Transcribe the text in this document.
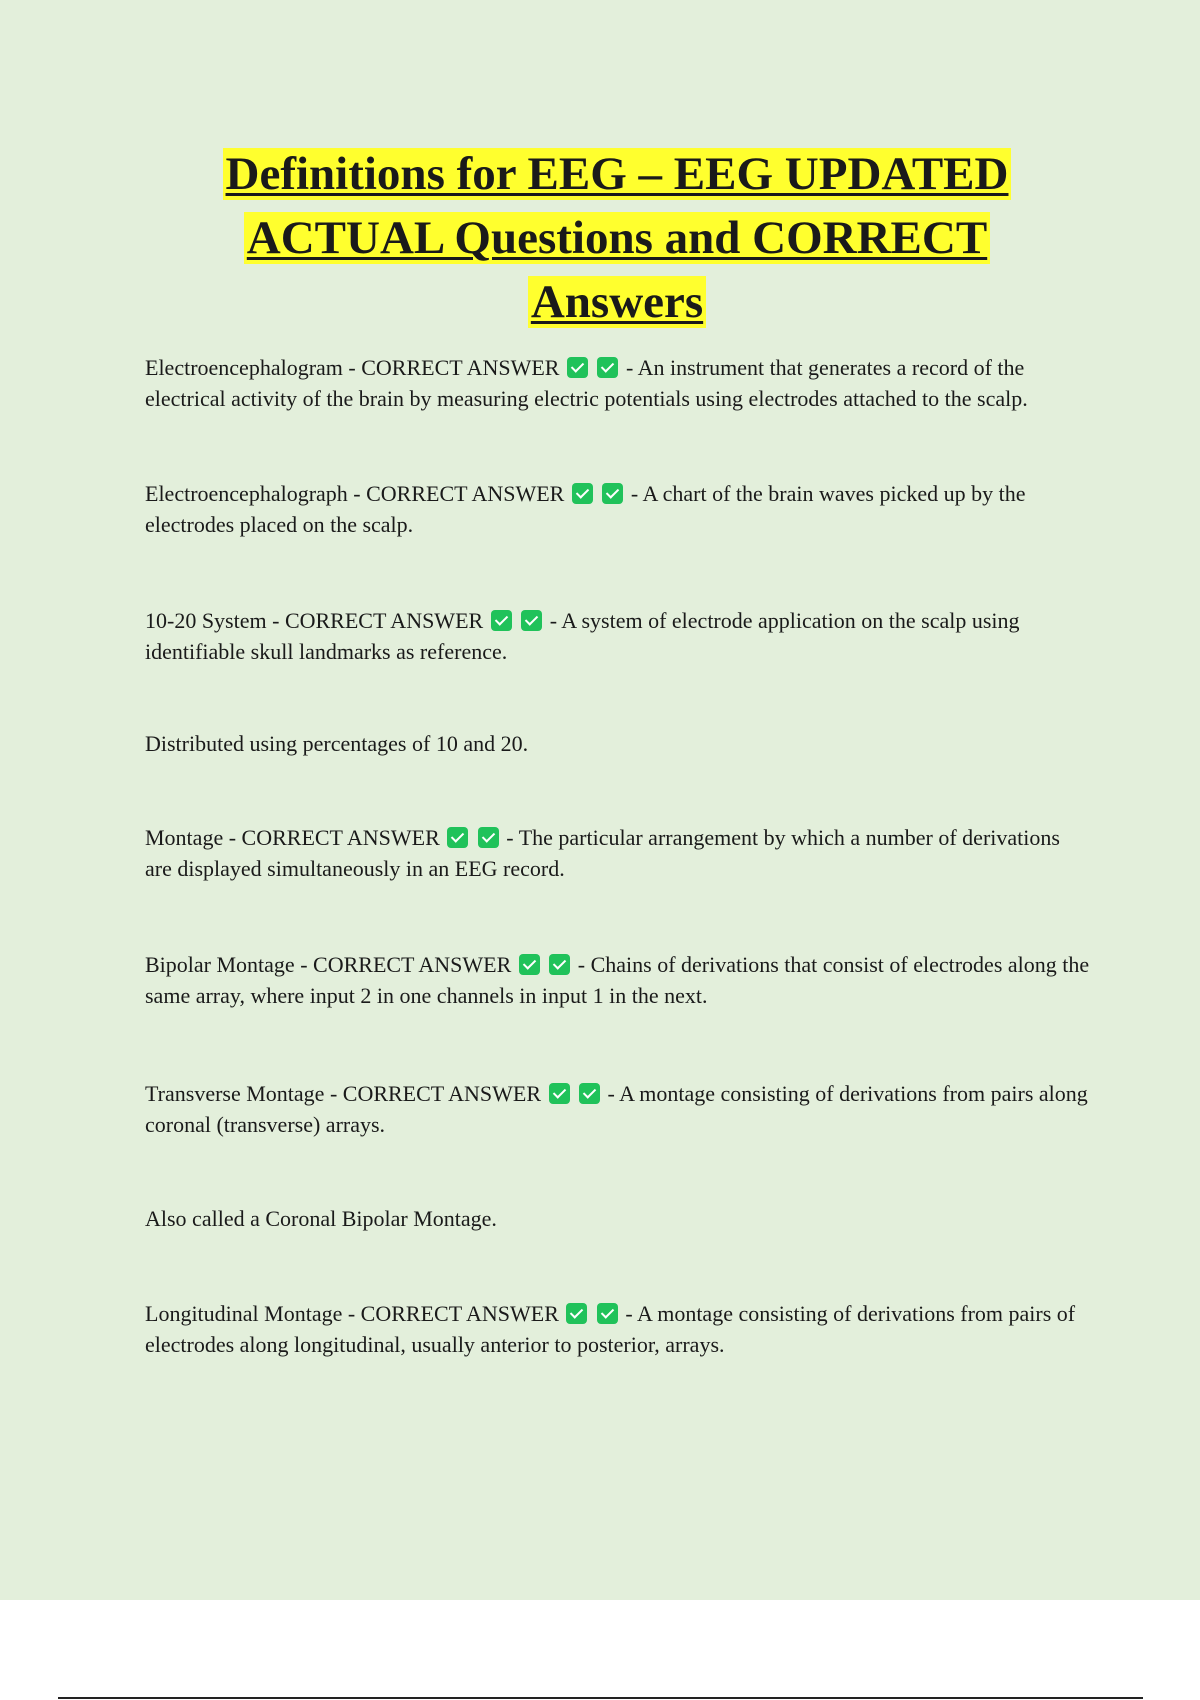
Definitions for EEG – EEG UPDATED
ACTUAL Questions and CORRECT
Answers

Electroencephalogram - CORRECT ANSWER	- An instrument that generates a record of the electrical activity of the brain by measuring electric potentials using electrodes attached to the scalp.

Electroencephalograph - CORRECT ANSWER	- A chart of the brain waves picked up by the electrodes placed on the scalp.

10-20 System - CORRECT ANSWER	- A system of electrode application on the scalp using identifiable skull landmarks as reference.

Distributed using percentages of 10 and 20.

Montage - CORRECT ANSWER	- The particular arrangement by which a number of derivations are displayed simultaneously in an EEG record.

Bipolar Montage - CORRECT ANSWER	- Chains of derivations that consist of electrodes along the same array, where input 2 in one channels in input 1 in the next.

Transverse Montage - CORRECT ANSWER	- A montage consisting of derivations from pairs along coronal (transverse) arrays.

Also called a Coronal Bipolar Montage.

Longitudinal Montage - CORRECT ANSWER	- A montage consisting of derivations from pairs of electrodes along longitudinal, usually anterior to posterior, arrays.
